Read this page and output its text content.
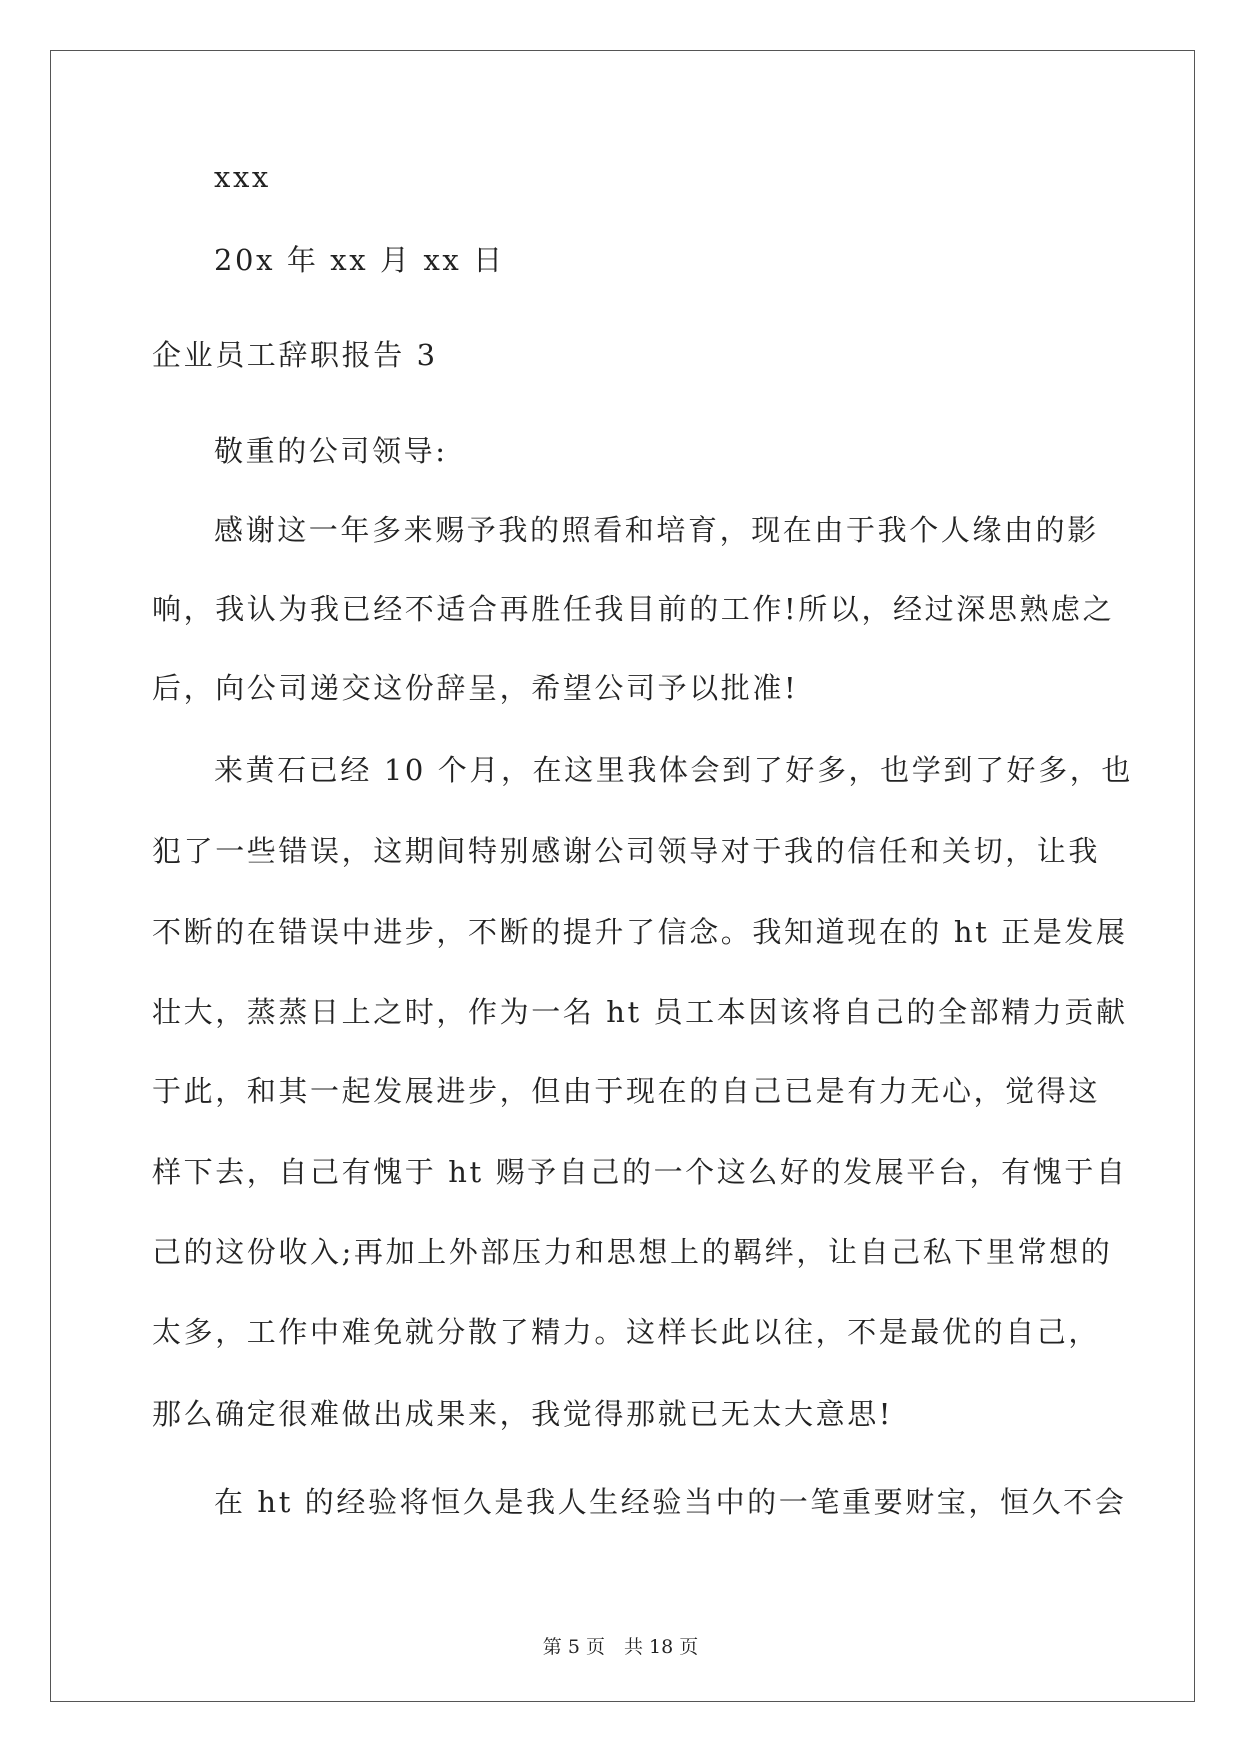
xxx

20x 年 xx 月 xx 日

企业员工辞职报告 3

敬重的公司领导:

感谢这一年多来赐予我的照看和培育，现在由于我个人缘由的影

响，我认为我已经不适合再胜任我目前的工作!所以，经过深思熟虑之

后，向公司递交这份辞呈，希望公司予以批准!

来黄石已经 10 个月，在这里我体会到了好多，也学到了好多，也

犯了一些错误，这期间特别感谢公司领导对于我的信任和关切，让我

不断的在错误中进步，不断的提升了信念。我知道现在的 ht 正是发展

壮大，蒸蒸日上之时，作为一名 ht 员工本因该将自己的全部精力贡献

于此，和其一起发展进步，但由于现在的自己已是有力无心，觉得这

样下去，自己有愧于 ht 赐予自己的一个这么好的发展平台，有愧于自

己的这份收入;再加上外部压力和思想上的羁绊，让自己私下里常想的

太多，工作中难免就分散了精力。这样长此以往，不是最优的自己，

那么确定很难做出成果来，我觉得那就已无太大意思!

在 ht 的经验将恒久是我人生经验当中的一笔重要财宝，恒久不会

第 5 页　共 18 页
